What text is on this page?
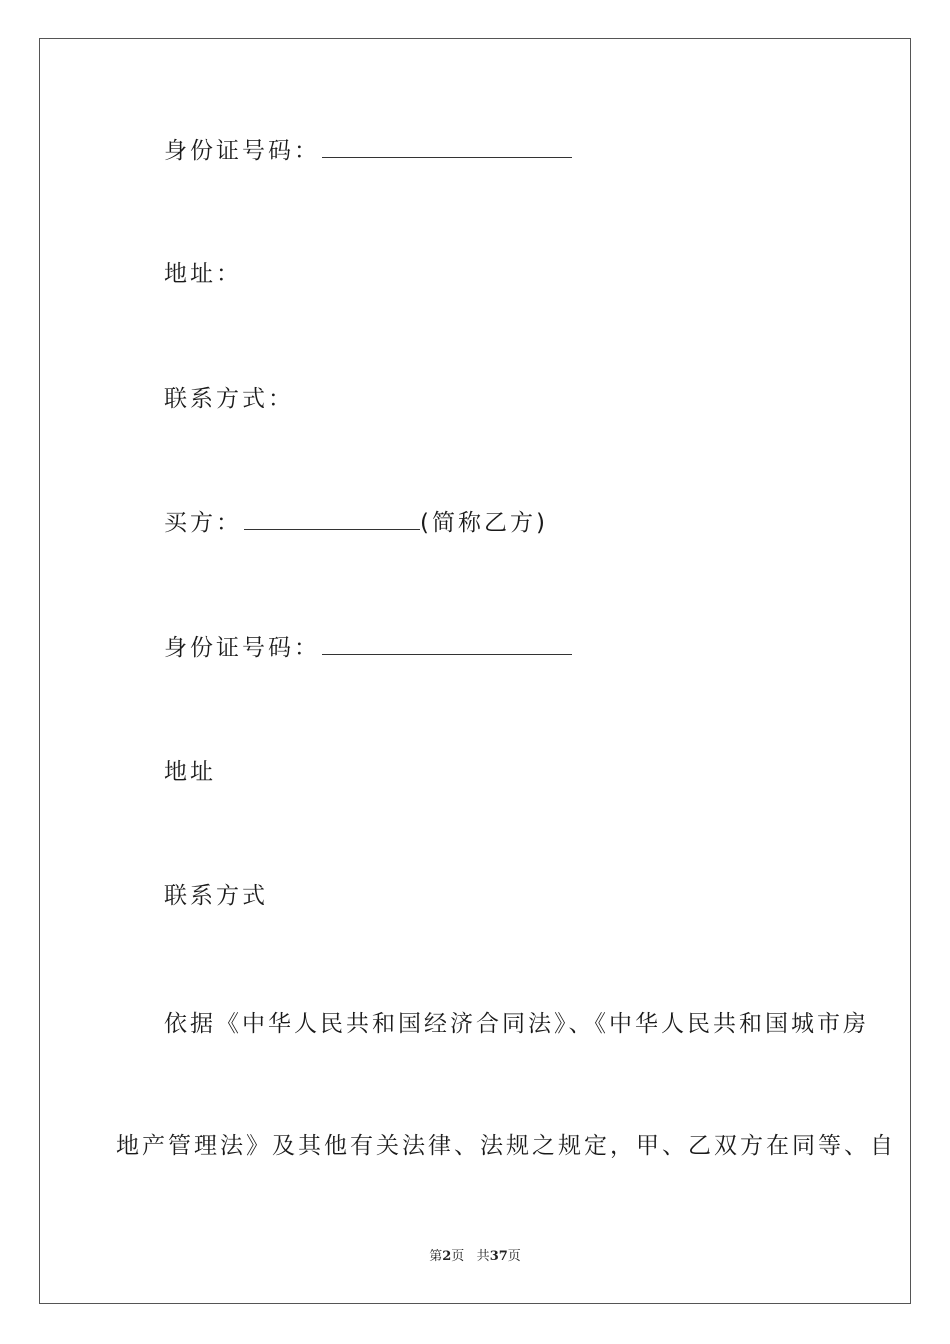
身份证号码：
地址：
联系方式：
买方：	(简称乙方)
身份证号码：
地址
联系方式
依据《中华人民共和国经济合同法》、《中华人民共和国城市房
地产管理法》及其他有关法律、法规之规定，甲、乙双方在同等、自
第2页 共37页
